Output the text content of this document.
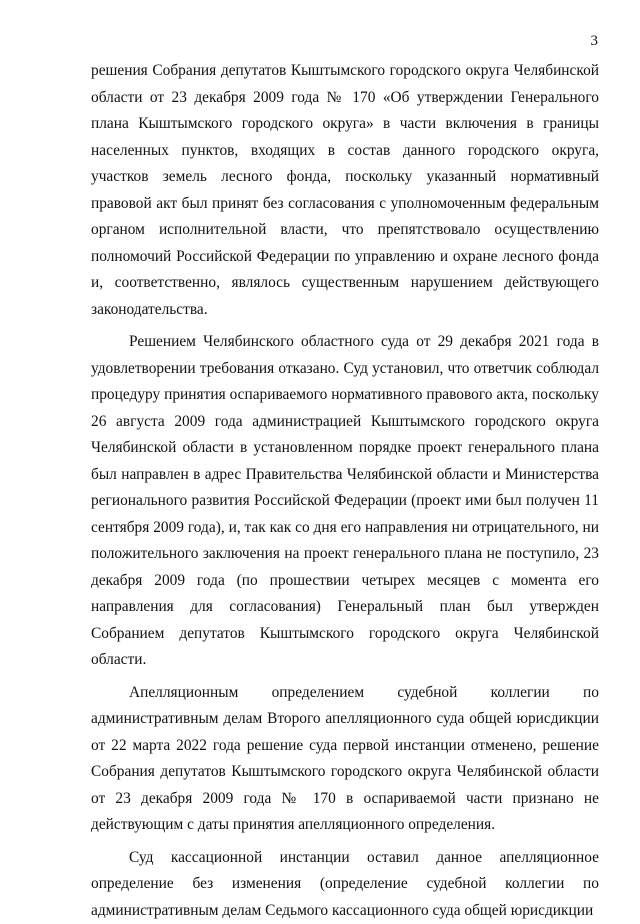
3

решения Собрания депутатов Кыштымского городского округа Челябинской области от 23 декабря 2009 года № 170 «Об утверждении Генерального плана Кыштымского городского округа» в части включения в границы населенных пунктов, входящих в состав данного городского округа, участков земель лесного фонда, поскольку указанный нормативный правовой акт был принят без согласования с уполномоченным федеральным органом исполнительной власти, что препятствовало осуществлению полномочий Российской Федерации по управлению и охране лесного фонда и, соответственно, являлось существенным нарушением действующего законодательства.

Решением Челябинского областного суда от 29 декабря 2021 года в удовлетворении требования отказано. Суд установил, что ответчик соблюдал процедуру принятия оспариваемого нормативного правового акта, поскольку 26 августа 2009 года администрацией Кыштымского городского округа Челябинской области в установленном порядке проект генерального плана был направлен в адрес Правительства Челябинской области и Министерства регионального развития Российской Федерации (проект ими был получен 11 сентября 2009 года), и, так как со дня его направления ни отрицательного, ни положительного заключения на проект генерального плана не поступило, 23 декабря 2009 года (по прошествии четырех месяцев с момента его направления для согласования) Генеральный план был утвержден Собранием депутатов Кыштымского городского округа Челябинской области.

Апелляционным определением судебной коллегии по административным делам Второго апелляционного суда общей юрисдикции от 22 марта 2022 года решение суда первой инстанции отменено, решение Собрания депутатов Кыштымского городского округа Челябинской области от 23 декабря 2009 года № 170 в оспариваемой части признано не действующим с даты принятия апелляционного определения.

Суд кассационной инстанции оставил данное апелляционное определение без изменения (определение судебной коллегии по административным делам Седьмого кассационного суда общей юрисдикции
